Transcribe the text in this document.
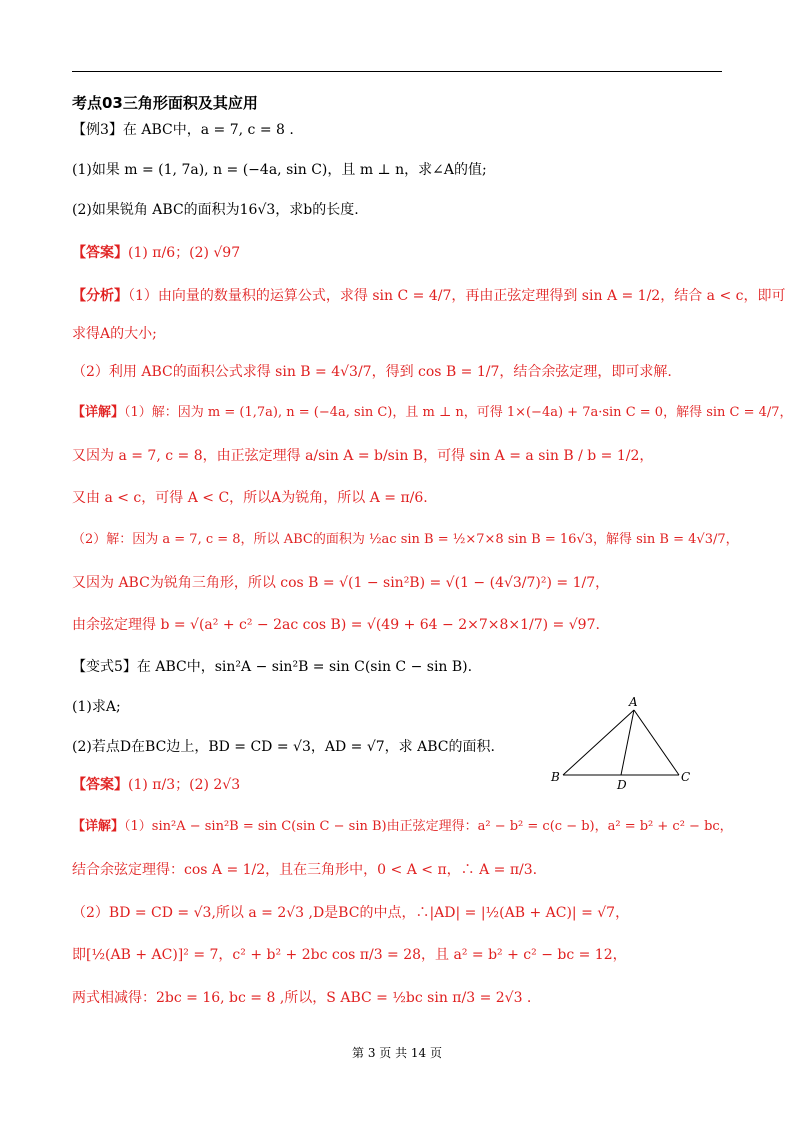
考点03三角形面积及其应用
【例3】在 ABC中，a = 7, c = 8 .
(1)如果 m = (1, 7a), n = (−4a, sin C)，且 m ⊥ n，求∠A的值;
(2)如果锐角 ABC的面积为16√3，求b的长度.
【答案】(1) π/6；(2) √97
【分析】（1）由向量的数量积的运算公式，求得 sin C = 4/7，再由正弦定理得到 sin A = 1/2，结合 a < c，即可
求得A的大小;
（2）利用 ABC的面积公式求得 sin B = 4√3/7，得到 cos B = 1/7，结合余弦定理，即可求解.
【详解】（1）解：因为 m = (1,7a), n = (−4a, sin C)，且 m ⊥ n，可得 1×(−4a) + 7a·sin C = 0，解得 sin C = 4/7，
又因为 a = 7, c = 8，由正弦定理得 a/sin A = b/sin B，可得 sin A = a sin B / b = 1/2，
又由 a < c，可得 A < C，所以A为锐角，所以 A = π/6.
（2）解：因为 a = 7, c = 8，所以 ABC的面积为 ½ac sin B = ½×7×8 sin B = 16√3，解得 sin B = 4√3/7，
又因为 ABC为锐角三角形，所以 cos B = √(1 − sin²B) = √(1 − (4√3/7)²) = 1/7，
由余弦定理得 b = √(a² + c² − 2ac cos B) = √(49 + 64 − 2×7×8×1/7) = √97.
【变式5】在 ABC中，sin²A − sin²B = sin C(sin C − sin B).
(1)求A;
(2)若点D在BC边上，BD = CD = √3，AD = √7，求 ABC的面积.
A
B	C
D
【答案】(1) π/3；(2) 2√3
【详解】（1）sin²A − sin²B = sin C(sin C − sin B)由正弦定理得：a² − b² = c(c − b)，a² = b² + c² − bc，
结合余弦定理得：cos A = 1/2，且在三角形中，0 < A < π，∴ A = π/3.
（2）BD = CD = √3,所以 a = 2√3 ,D是BC的中点，∴|AD| = |½(AB + AC)| = √7，
即[½(AB + AC)]² = 7，c² + b² + 2bc cos π/3 = 28，且 a² = b² + c² − bc = 12，
两式相减得：2bc = 16, bc = 8 ,所以，S ABC = ½bc sin π/3 = 2√3 .
第 3 页 共 14 页
